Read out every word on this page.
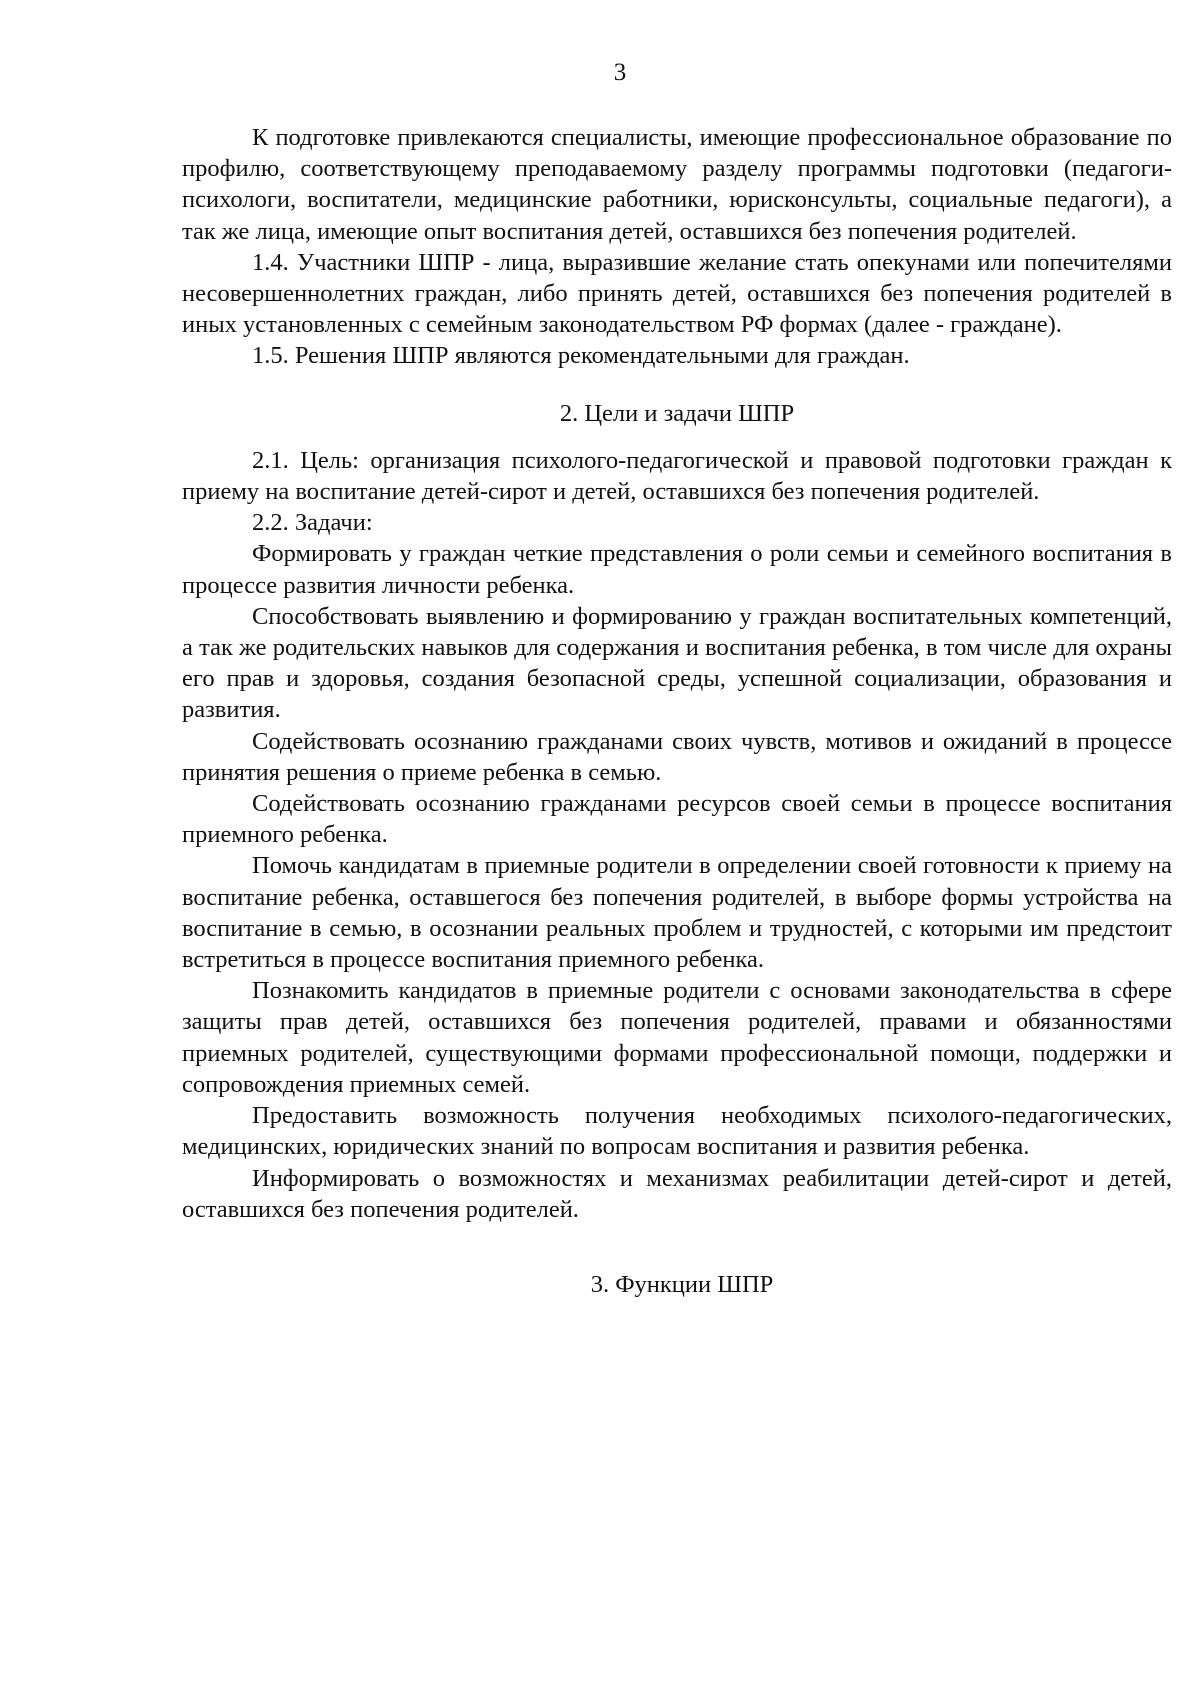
3

К подготовке привлекаются специалисты, имеющие профессиональное образование по профилю, соответствующему преподаваемому разделу программы подготовки (педагоги-психологи, воспитатели, медицинские работники, юрисконсульты, социальные педагоги), а так же лица, имеющие опыт воспитания детей, оставшихся без попечения родителей.

1.4. Участники ШПР - лица, выразившие желание стать опекунами или попечителями несовершеннолетних граждан, либо принять детей, оставшихся без попечения родителей в иных установленных с семейным законодательством РФ формах (далее - граждане).

1.5. Решения ШПР являются рекомендательными для граждан.

2. Цели и задачи ШПР

2.1. Цель: организация психолого-педагогической и правовой подготовки граждан к приему на воспитание детей-сирот и детей, оставшихся без попечения родителей.

2.2. Задачи:

Формировать у граждан четкие представления о роли семьи и семейного воспитания в процессе развития личности ребенка.

Способствовать выявлению и формированию у граждан воспитательных компетенций, а так же родительских навыков для содержания и воспитания ребенка, в том числе для охраны его прав и здоровья, создания безопасной среды, успешной социализации, образования и развития.

Содействовать осознанию гражданами своих чувств, мотивов и ожиданий в процессе принятия решения о приеме ребенка в семью.

Содействовать осознанию гражданами ресурсов своей семьи в процессе воспитания приемного ребенка.

Помочь кандидатам в приемные родители в определении своей готовности к приему на воспитание ребенка, оставшегося без попечения родителей, в выборе формы устройства на воспитание в семью, в осознании реальных проблем и трудностей, с которыми им предстоит встретиться в процессе воспитания приемного ребенка.

Познакомить кандидатов в приемные родители с основами законодательства в сфере защиты прав детей, оставшихся без попечения родителей, правами и обязанностями приемных родителей, существующими формами профессиональной помощи, поддержки и сопровождения приемных семей.

Предоставить возможность получения необходимых психолого-педагогических, медицинских, юридических знаний по вопросам воспитания и развития ребенка.

Информировать о возможностях и механизмах реабилитации детей-сирот и детей, оставшихся без попечения родителей.

3. Функции ШПР
